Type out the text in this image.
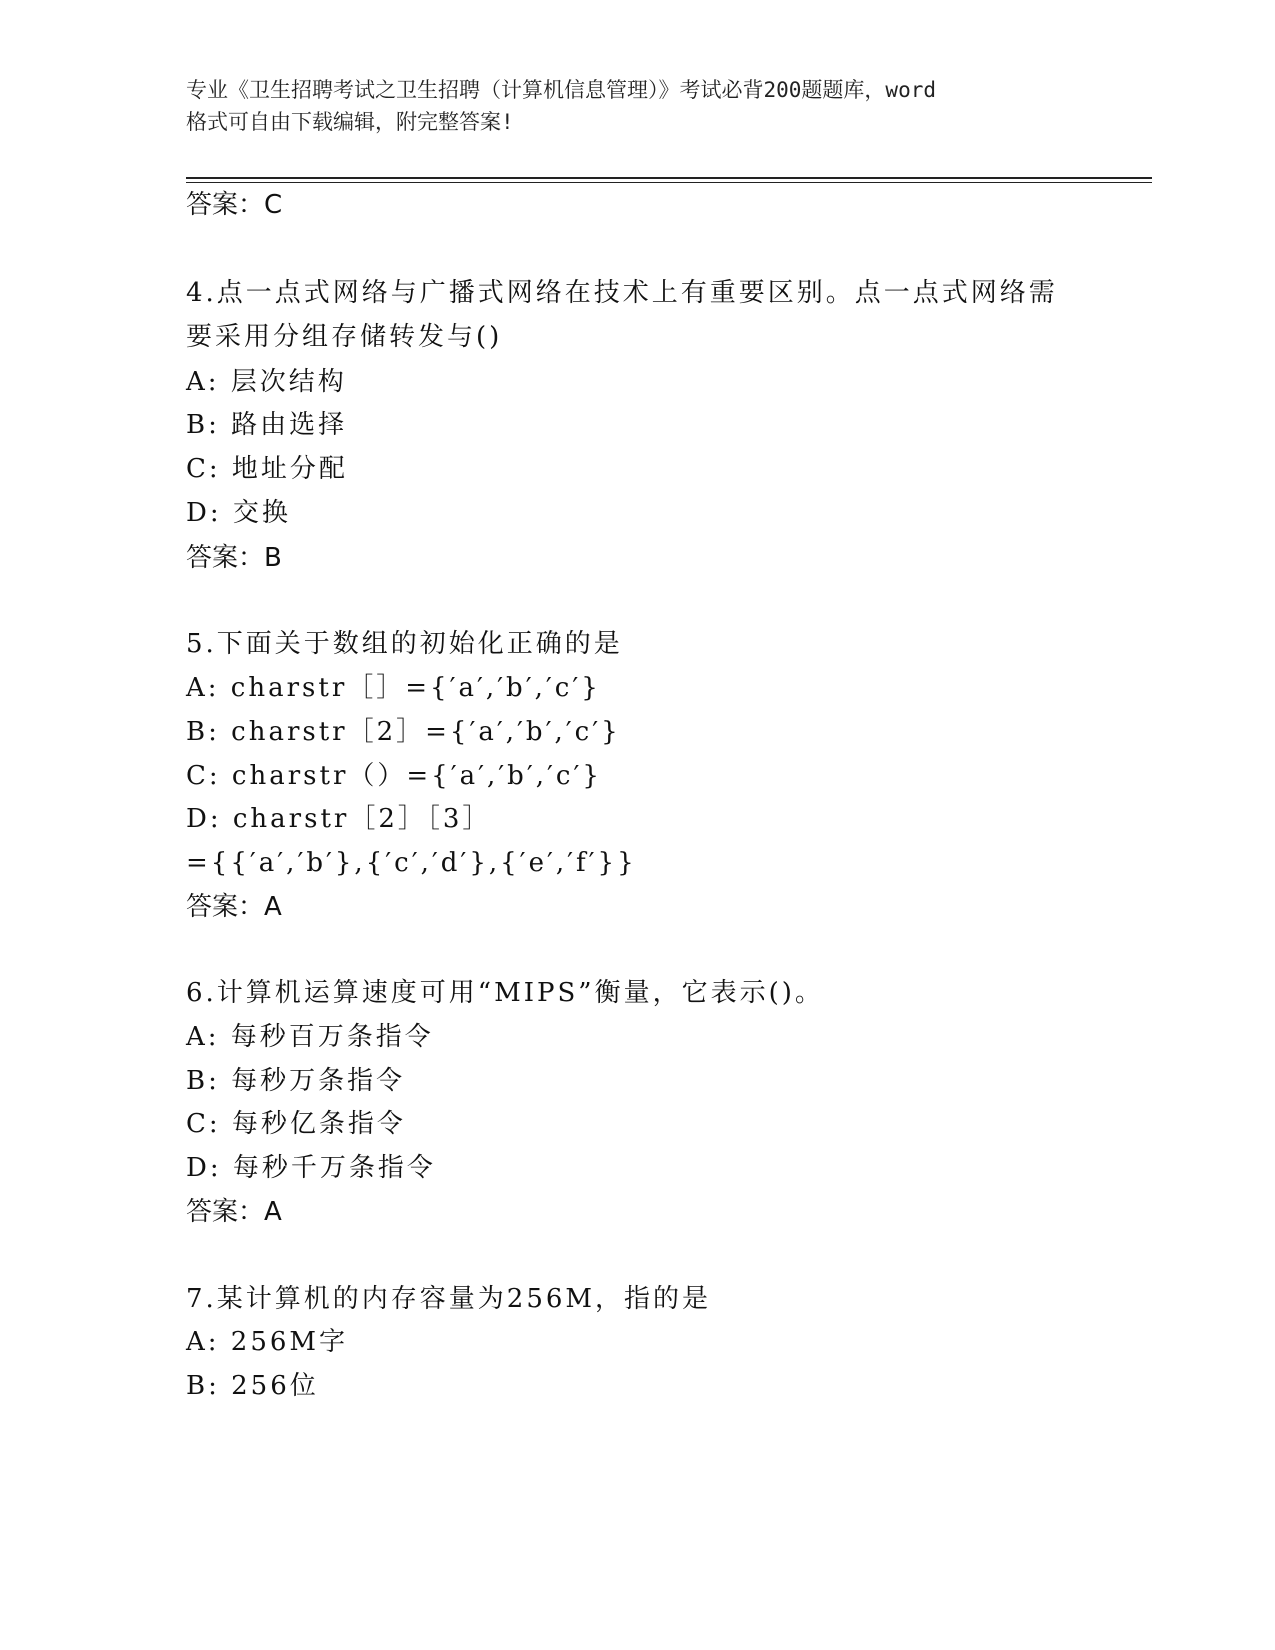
专业《卫生招聘考试之卫生招聘（计算机信息管理）》考试必背200题题库，word
格式可自由下载编辑，附完整答案!
答案：C
4.点一点式网络与广播式网络在技术上有重要区别。点一点式网络需
要采用分组存储转发与()
A: 层次结构
B: 路由选择
C: 地址分配
D: 交换
答案：B
5.下面关于数组的初始化正确的是
A: charstr［］={′a′,′b′,′c′}
B: charstr［2］={′a′,′b′,′c′}
C: charstr（）={′a′,′b′,′c′}
D: charstr［2］［3］
={{′a′,′b′},{′c′,′d′},{′e′,′f′}}
答案：A
6.计算机运算速度可用“MIPS”衡量，它表示()。
A: 每秒百万条指令
B: 每秒万条指令
C: 每秒亿条指令
D: 每秒千万条指令
答案：A
7.某计算机的内存容量为256M，指的是
A: 256M字
B: 256位
